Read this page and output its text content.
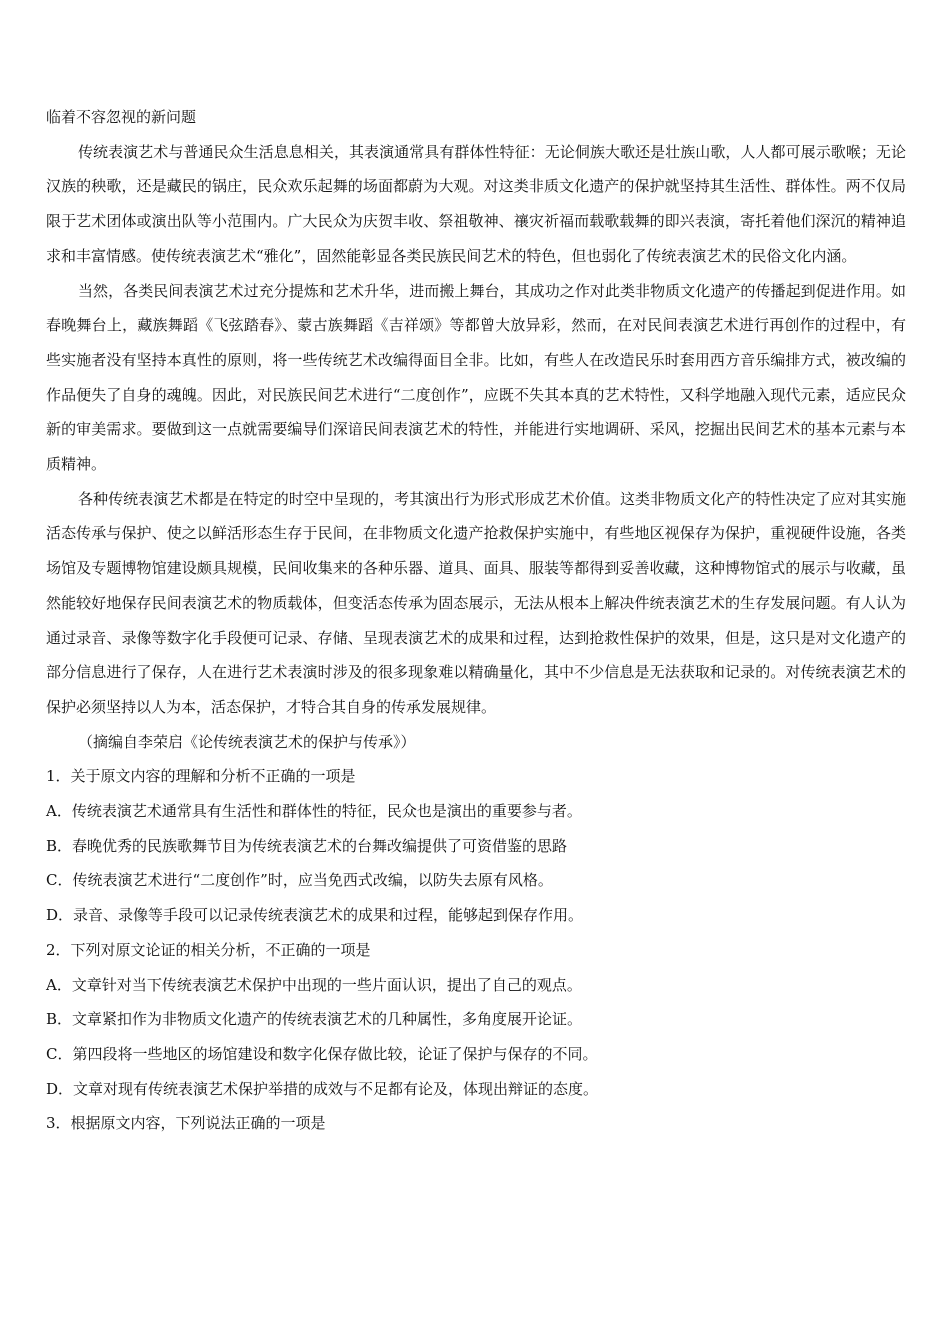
临着不容忽视的新问题

传统表演艺术与普通民众生活息息相关，其表演通常具有群体性特征：无论侗族大歌还是壮族山歌，人人都可展示歌喉；无论汉族的秧歌，还是藏民的锅庄，民众欢乐起舞的场面都蔚为大观。对这类非质文化遗产的保护就坚持其生活性、群体性。两不仅局限于艺术团体或演出队等小范围内。广大民众为庆贺丰收、祭祖敬神、禳灾祈福而载歌载舞的即兴表演，寄托着他们深沉的精神追求和丰富情感。使传统表演艺术“雅化”，固然能彰显各类民族民间艺术的特色，但也弱化了传统表演艺术的民俗文化内涵。

当然，各类民间表演艺术过充分提炼和艺术升华，进而搬上舞台，其成功之作对此类非物质文化遗产的传播起到促进作用。如春晚舞台上，藏族舞蹈《飞弦踏春》、蒙古族舞蹈《吉祥颂》等都曾大放异彩，然而，在对民间表演艺术进行再创作的过程中，有些实施者没有坚持本真性的原则，将一些传统艺术改编得面目全非。比如，有些人在改造民乐时套用西方音乐编排方式，被改编的作品便失了自身的魂魄。因此，对民族民间艺术进行“二度创作”，应既不失其本真的艺术特性，又科学地融入现代元素，适应民众新的审美需求。要做到这一点就需要编导们深谙民间表演艺术的特性，并能进行实地调研、采风，挖掘出民间艺术的基本元素与本质精神。

各种传统表演艺术都是在特定的时空中呈现的，考其演出行为形式形成艺术价值。这类非物质文化产的特性决定了应对其实施活态传承与保护、使之以鲜活形态生存于民间，在非物质文化遗产抢救保护实施中，有些地区视保存为保护，重视硬件设施，各类场馆及专题博物馆建设颇具规模，民间收集来的各种乐器、道具、面具、服装等都得到妥善收藏，这种博物馆式的展示与收藏，虽然能较好地保存民间表演艺术的物质载体，但变活态传承为固态展示，无法从根本上解决件统表演艺术的生存发展问题。有人认为通过录音、录像等数字化手段便可记录、存储、呈现表演艺术的成果和过程，达到抢救性保护的效果，但是，这只是对文化遗产的部分信息进行了保存，人在进行艺术表演时涉及的很多现象难以精确量化，其中不少信息是无法获取和记录的。对传统表演艺术的保护必须坚持以人为本，活态保护，才特合其自身的传承发展规律。

（摘编自李荣启《论传统表演艺术的保护与传承》）

1．关于原文内容的理解和分析不正确的一项是

A．传统表演艺术通常具有生活性和群体性的特征，民众也是演出的重要参与者。

B．春晚优秀的民族歌舞节目为传统表演艺术的台舞改编提供了可资借鉴的思路

C．传统表演艺术进行“二度创作”时，应当免西式改编，以防失去原有风格。

D．录音、录像等手段可以记录传统表演艺术的成果和过程，能够起到保存作用。

2．下列对原文论证的相关分析，不正确的一项是

A．文章针对当下传统表演艺术保护中出现的一些片面认识，提出了自己的观点。

B．文章紧扣作为非物质文化遗产的传统表演艺术的几种属性，多角度展开论证。

C．第四段将一些地区的场馆建设和数字化保存做比较，论证了保护与保存的不同。

D．文章对现有传统表演艺术保护举措的成效与不足都有论及，体现出辩证的态度。

3．根据原文内容，下列说法正确的一项是
